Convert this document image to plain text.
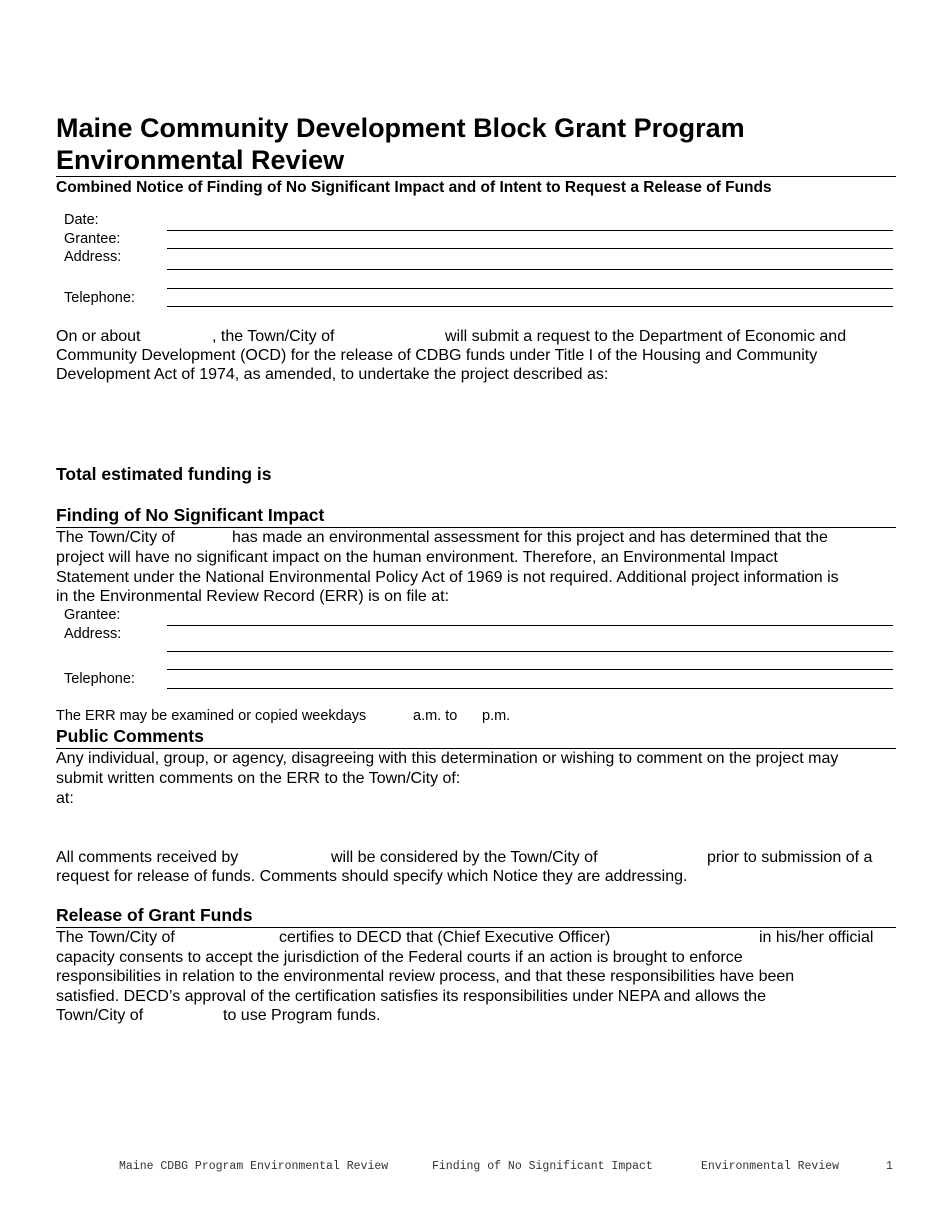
Maine Community Development Block Grant Program
Environmental Review
Combined Notice of Finding of No Significant Impact and of Intent to Request a Release of Funds
Date:
Grantee:
Address:
Telephone:
On or about	, the Town/City of	will submit a request to the Department of Economic and
Community Development (OCD) for the release of CDBG funds under Title I of the Housing and Community
Development Act of 1974, as amended, to undertake the project described as:
Total estimated funding is
Finding of No Significant Impact
The Town/City of	has made an environmental assessment for this project and has determined that the
project will have no significant impact on the human environment. Therefore, an Environmental Impact
Statement under the National Environmental Policy Act of 1969 is not required. Additional project information is
in the Environmental Review Record (ERR) is on file at:
Grantee:
Address:
Telephone:
The ERR may be examined or copied weekdays	a.m. to p.m.
Public Comments
Any individual, group, or agency, disagreeing with this determination or wishing to comment on the project may
submit written comments on the ERR to the Town/City of:
at:
All comments received by	will be considered by the Town/City of	prior to submission of a
request for release of funds. Comments should specify which Notice they are addressing.
Release of Grant Funds
The Town/City of	certifies to DECD that (Chief Executive Officer)	in his/her official
capacity consents to accept the jurisdiction of the Federal courts if an action is brought to enforce
responsibilities in relation to the environmental review process, and that these responsibilities have been
satisfied. DECD’s approval of the certification satisfies its responsibilities under NEPA and allows the
Town/City of	to use Program funds.
Maine CDBG Program Environmental Review	Finding of No Significant Impact	Environmental Review	1
